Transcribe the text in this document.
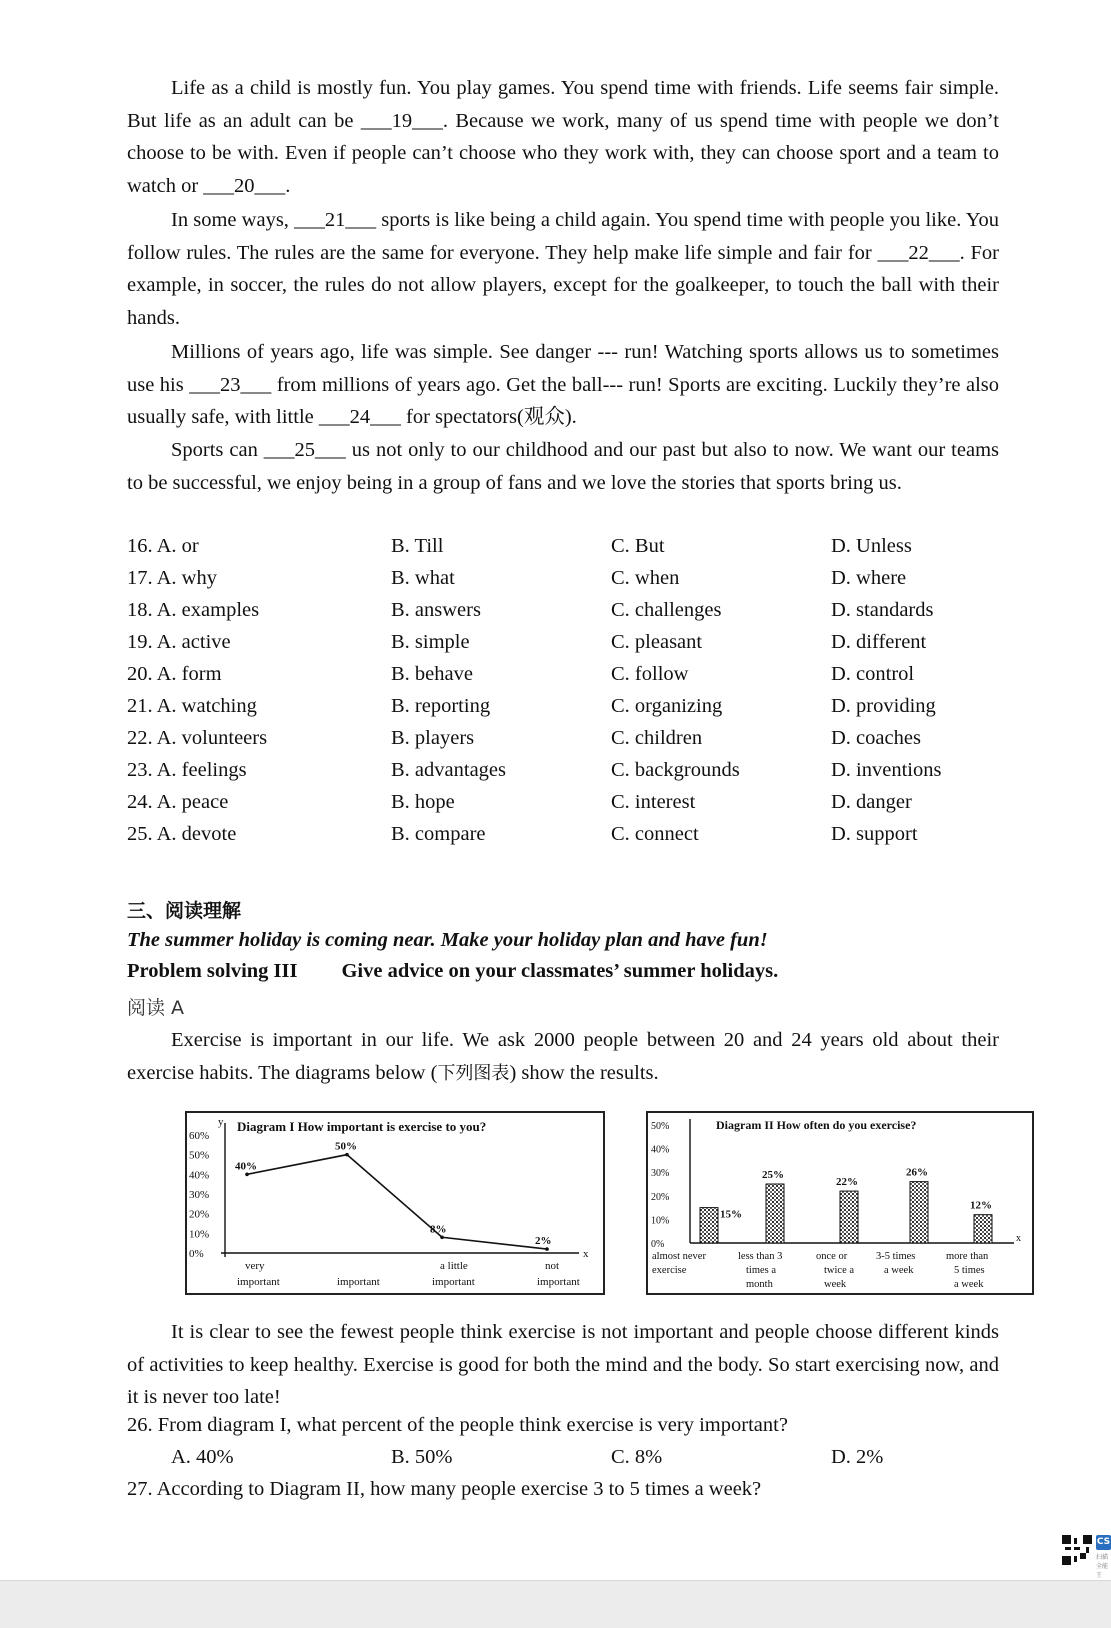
Life as a child is mostly fun. You play games. You spend time with friends. Life seems fair simple. But life as an adult can be ___19___. Because we work, many of us spend time with people we don’t choose to be with. Even if people can’t choose who they work with, they can choose sport and a team to watch or ___20___.

In some ways, ___21___ sports is like being a child again. You spend time with people you like. You follow rules. The rules are the same for everyone. They help make life simple and fair for ___22___. For example, in soccer, the rules do not allow players, except for the goalkeeper, to touch the ball with their hands.

Millions of years ago, life was simple. See danger --- run! Watching sports allows us to sometimes use his ___23___ from millions of years ago. Get the ball--- run! Sports are exciting. Luckily they’re also usually safe, with little ___24___ for spectators(观众).

Sports can ___25___ us not only to our childhood and our past but also to now. We want our teams to be successful, we enjoy being in a group of fans and we love the stories that sports bring us.

16. A. or	B. Till	C. But	D. Unless
17. A. why	B. what	C. when	D. where
18. A. examples	B. answers	C. challenges	D. standards
19. A. active	B. simple	C. pleasant	D. different
20. A. form	B. behave	C. follow	D. control
21. A. watching	B. reporting	C. organizing	D. providing
22. A. volunteers	B. players	C. children	D. coaches
23. A. feelings	B. advantages	C. backgrounds	D. inventions
24. A. peace	B. hope	C. interest	D. danger
25. A. devote	B. compare	C. connect	D. support
三、阅读理解
The summer holiday is coming near. Make your holiday plan and have fun!
Problem solving III Give advice on your classmates’ summer holidays.
阅读 A

Exercise is important in our life. We ask 2000 people between 20 and 24 years old about their exercise habits. The diagrams below (下列图表) show the results.

Diagram I How important is exercise to you?
y
x
0%
10%
20%
30%
40%
50%
60%
40%
50%
8%
2%
very
important	important
a little
important
not
important
Diagram II How often do you exercise?
x
0%
10%
20%
30%
40%
50%
15%
25%
22%
26%
12%
almost never
exercise
less than 3
times a
month
once or
twice a
week
3-5 times
a week
more than
5 times
a week

It is clear to see the fewest people think exercise is not important and people choose different kinds of activities to keep healthy. Exercise is good for both the mind and the body. So start exercising now, and it is never too late!

26. From diagram I, what percent of the people think exercise is very important?
A. 40%	B. 50%	C. 8%	D. 2%
27. According to Diagram II, how many people exercise 3 to 5 times a week?
CS
扫描全能王
